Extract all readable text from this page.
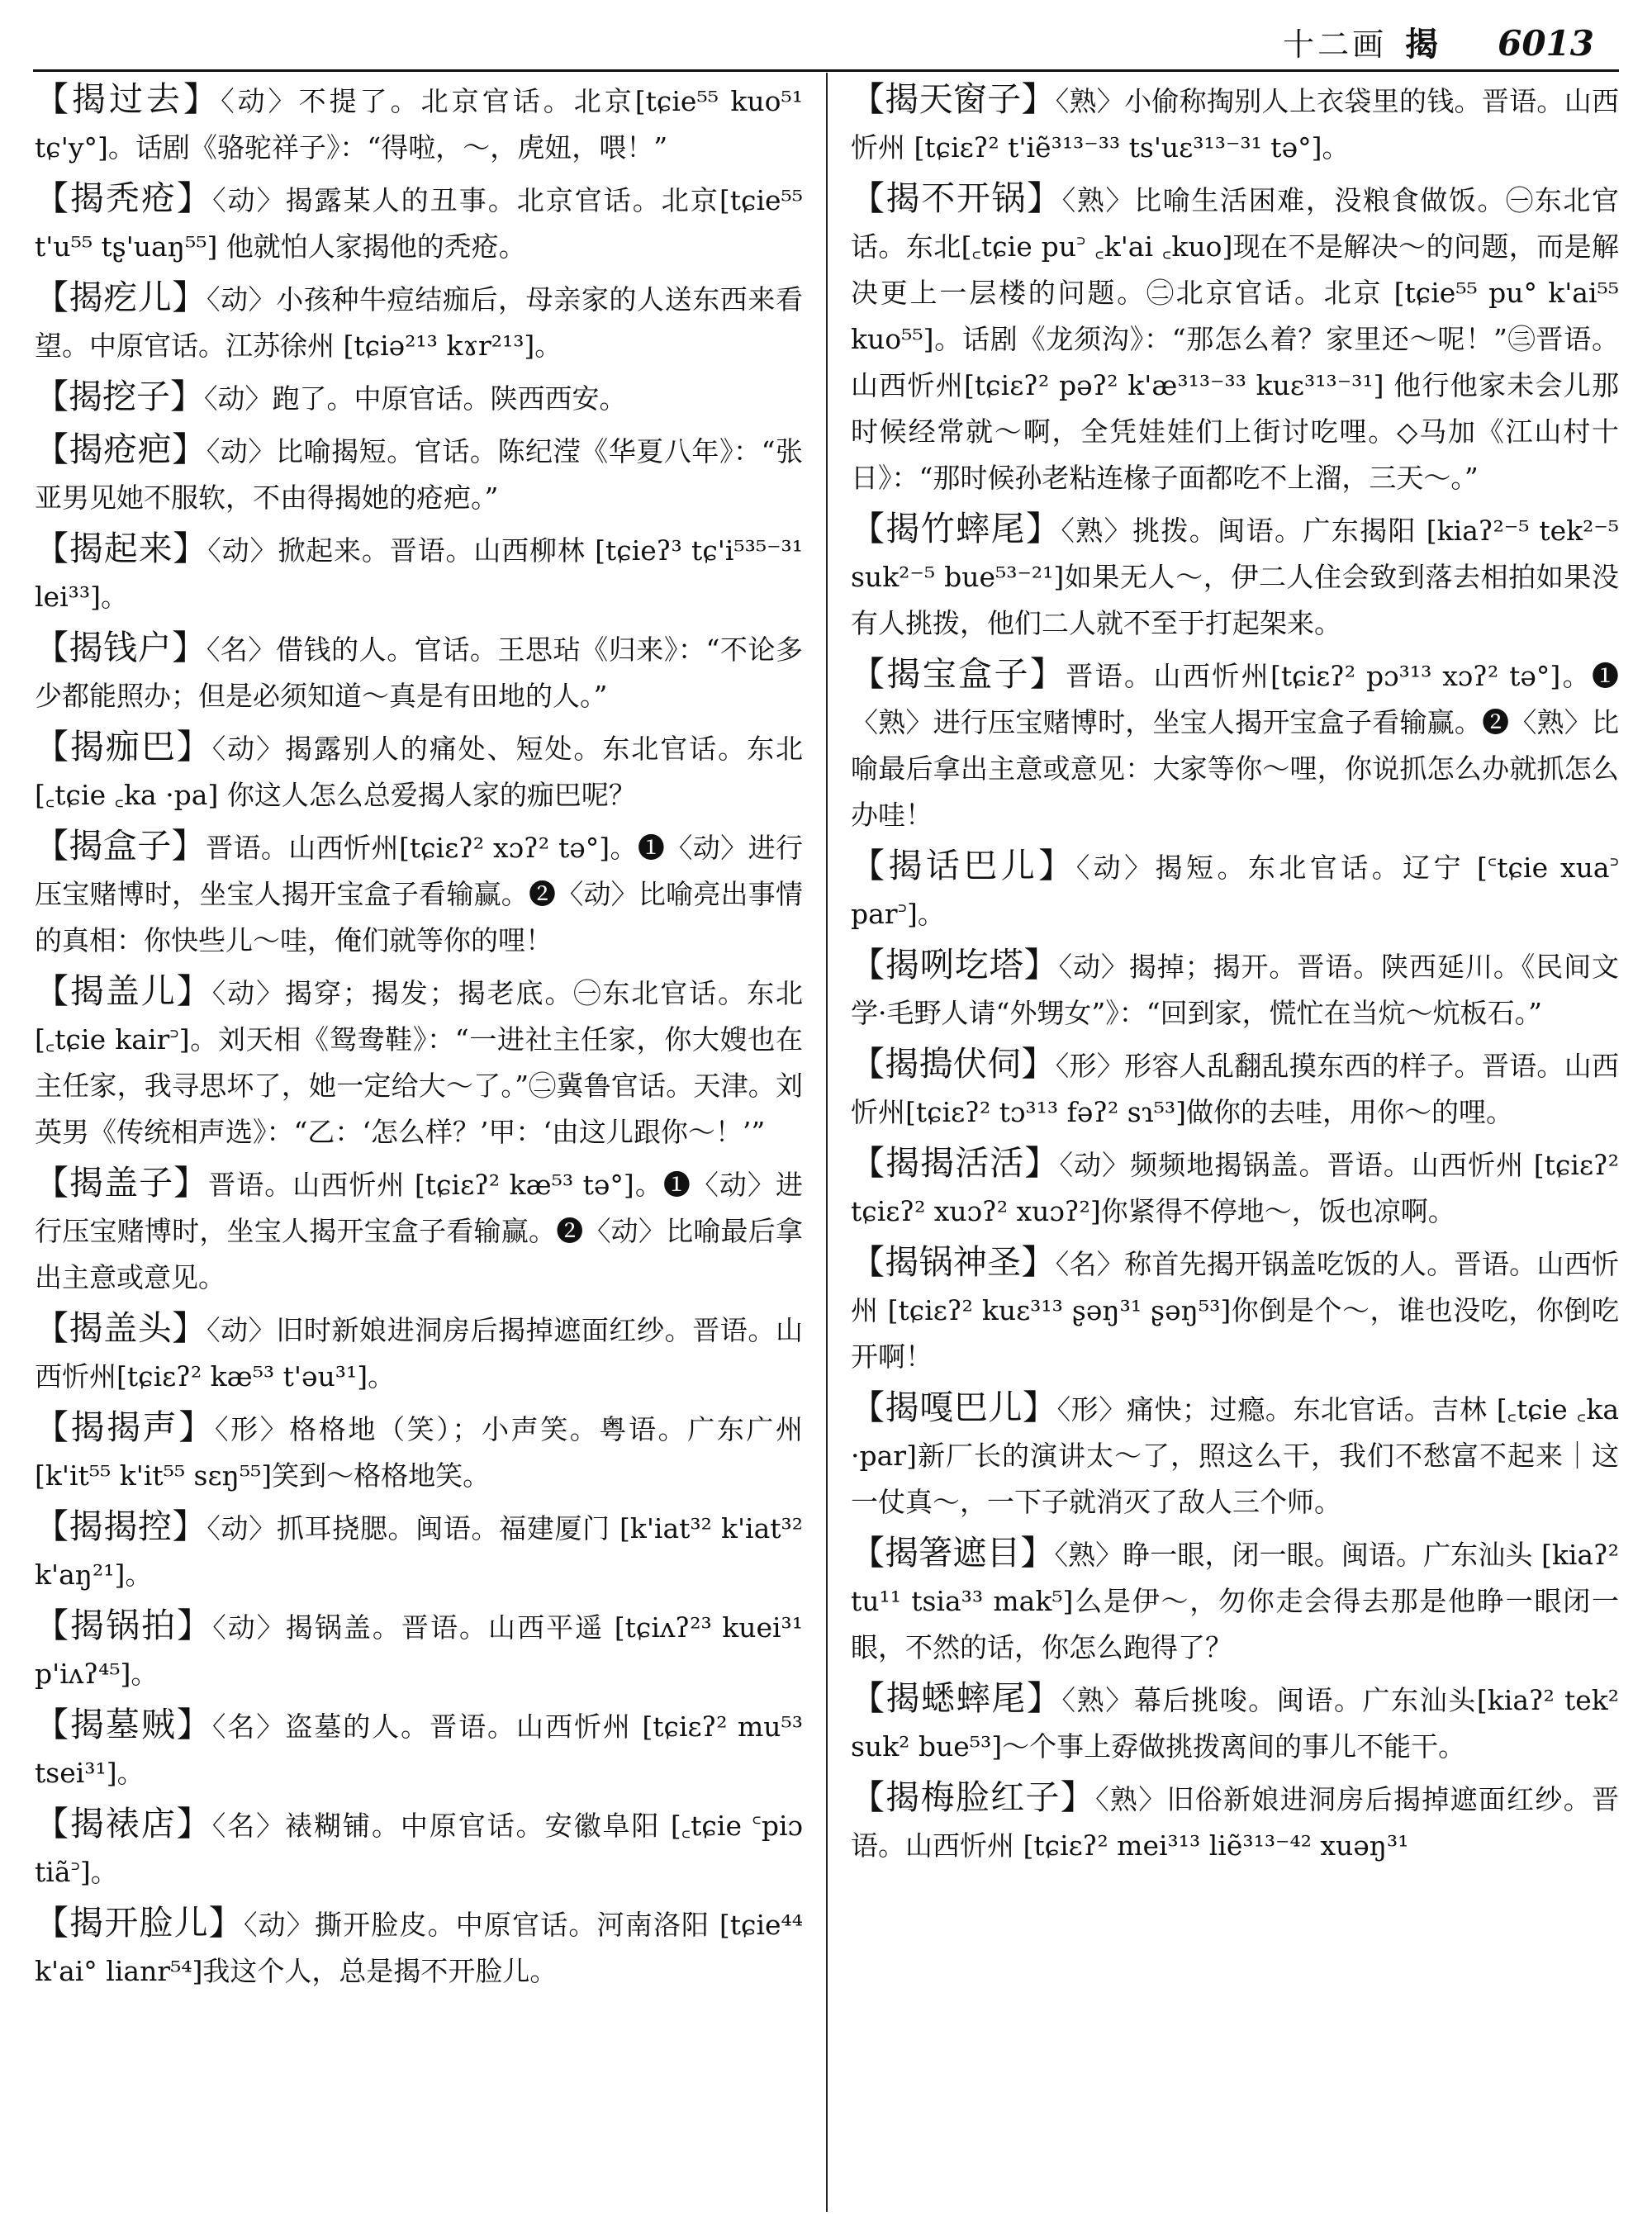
十二画 揭 6013
【揭过去】〈动〉不提了。北京官话。北京[tɕie⁵⁵ kuo⁵¹ tɕ'y°]。话剧《骆驼祥子》：“得啦，～，虎妞，喂！”
【揭秃疮】〈动〉揭露某人的丑事。北京官话。北京[tɕie⁵⁵ t'u⁵⁵ tʂ'uaŋ⁵⁵] 他就怕人家揭他的秃疮。
【揭疙儿】〈动〉小孩种牛痘结痂后，母亲家的人送东西来看望。中原官话。江苏徐州 [tɕiə²¹³ kɤr²¹³]。
【揭挖子】〈动〉跑了。中原官话。陕西西安。
【揭疮疤】〈动〉比喻揭短。官话。陈纪滢《华夏八年》：“张亚男见她不服软，不由得揭她的疮疤。”
【揭起来】〈动〉掀起来。晋语。山西柳林 [tɕieʔ³ tɕ'i⁵³⁵⁻³¹ lei³³]。
【揭钱户】〈名〉借钱的人。官话。王思玷《归来》：“不论多少都能照办；但是必须知道～真是有田地的人。”
【揭痂巴】〈动〉揭露别人的痛处、短处。东北官话。东北[꜀tɕie ꜀ka ·pa] 你这人怎么总爱揭人家的痂巴呢？
【揭盒子】晋语。山西忻州[tɕiɛʔ² xɔʔ² tə°]。❶〈动〉进行压宝赌博时，坐宝人揭开宝盒子看输赢。❷〈动〉比喻亮出事情的真相：你快些儿～哇，俺们就等你的哩！
【揭盖儿】〈动〉揭穿；揭发；揭老底。㊀东北官话。东北 [꜀tɕie kair꜄]。刘天相《鸳鸯鞋》：“一进社主任家，你大嫂也在主任家，我寻思坏了，她一定给大～了。”㊁冀鲁官话。天津。刘英男《传统相声选》：“乙：‘怎么样？’甲：‘由这儿跟你～！’”
【揭盖子】晋语。山西忻州 [tɕiɛʔ² kæ⁵³ tə°]。❶〈动〉进行压宝赌博时，坐宝人揭开宝盒子看输赢。❷〈动〉比喻最后拿出主意或意见。
【揭盖头】〈动〉旧时新娘进洞房后揭掉遮面红纱。晋语。山西忻州[tɕiɛʔ² kæ⁵³ t'əu³¹]。
【揭揭声】〈形〉格格地（笑）；小声笑。粤语。广东广州[k'it⁵⁵ k'it⁵⁵ sɛŋ⁵⁵]笑到～格格地笑。
【揭揭控】〈动〉抓耳挠腮。闽语。福建厦门 [k'iat³² k'iat³² k'aŋ²¹]。
【揭锅拍】〈动〉揭锅盖。晋语。山西平遥 [tɕiʌʔ²³ kuei³¹ p'iʌʔ⁴⁵]。
【揭墓贼】〈名〉盗墓的人。晋语。山西忻州 [tɕiɛʔ² mu⁵³ tsei³¹]。
【揭裱店】〈名〉裱糊铺。中原官话。安徽阜阳 [꜀tɕie ꜂piɔ tiã꜄]。
【揭开脸儿】〈动〉撕开脸皮。中原官话。河南洛阳 [tɕie⁴⁴ k'ai° lianr⁵⁴]我这个人，总是揭不开脸儿。
【揭天窗子】〈熟〉小偷称掏别人上衣袋里的钱。晋语。山西忻州 [tɕiɛʔ² t'iẽ³¹³⁻³³ ts'uɛ³¹³⁻³¹ tə°]。
【揭不开锅】〈熟〉比喻生活困难，没粮食做饭。㊀东北官话。东北[꜀tɕie pu꜄ ꜀k'ai ꜀kuo]现在不是解决～的问题，而是解决更上一层楼的问题。㊁北京官话。北京 [tɕie⁵⁵ pu° k'ai⁵⁵ kuo⁵⁵]。话剧《龙须沟》：“那怎么着？家里还～呢！”㊂晋语。山西忻州[tɕiɛʔ² pəʔ² k'æ³¹³⁻³³ kuɛ³¹³⁻³¹] 他行他家未会儿那时候经常就～啊，全凭娃娃们上街讨吃哩。◇马加《江山村十日》：“那时候孙老粘连椽子面都吃不上溜，三天～。”
【揭竹蟀尾】〈熟〉挑拨。闽语。广东揭阳 [kiaʔ²⁻⁵ tek²⁻⁵ suk²⁻⁵ bue⁵³⁻²¹]如果无人～，伊二人住会致到落去相拍如果没有人挑拨，他们二人就不至于打起架来。
【揭宝盒子】晋语。山西忻州[tɕiɛʔ² pɔ³¹³ xɔʔ² tə°]。❶〈熟〉进行压宝赌博时，坐宝人揭开宝盒子看输赢。❷〈熟〉比喻最后拿出主意或意见：大家等你～哩，你说抓怎么办就抓怎么办哇！
【揭话巴儿】〈动〉揭短。东北官话。辽宁 [꜂tɕie xua꜄ par꜄]。
【揭咧圪塔】〈动〉揭掉；揭开。晋语。陕西延川。《民间文学·毛野人请“外甥女”》：“回到家，慌忙在当炕～炕板石。”
【揭搗伏伺】〈形〉形容人乱翻乱摸东西的样子。晋语。山西忻州[tɕiɛʔ² tɔ³¹³ fəʔ² sɿ⁵³]做你的去哇，用你～的哩。
【揭揭活活】〈动〉频频地揭锅盖。晋语。山西忻州 [tɕiɛʔ² tɕiɛʔ² xuɔʔ² xuɔʔ²]你紧得不停地～，饭也凉啊。
【揭锅神圣】〈名〉称首先揭开锅盖吃饭的人。晋语。山西忻州 [tɕiɛʔ² kuɛ³¹³ ʂəŋ³¹ ʂəŋ⁵³]你倒是个～，谁也没吃，你倒吃开啊！
【揭嘎巴儿】〈形〉痛快；过瘾。东北官话。吉林 [꜀tɕie ꜀ka ·par]新厂长的演讲太～了，照这么干，我们不愁富不起来｜这一仗真～，一下子就消灭了敌人三个师。
【揭箸遮目】〈熟〉睁一眼，闭一眼。闽语。广东汕头 [kiaʔ² tu¹¹ tsia³³ mak⁵]么是伊～，勿你走会得去那是他睁一眼闭一眼，不然的话，你怎么跑得了？
【揭蟋蟀尾】〈熟〉幕后挑唆。闽语。广东汕头[kiaʔ² tek² suk² bue⁵³]～个事上孬做挑拨离间的事儿不能干。
【揭梅脸红子】〈熟〉旧俗新娘进洞房后揭掉遮面红纱。晋语。山西忻州 [tɕiɛʔ² mei³¹³ liẽ³¹³⁻⁴² xuəŋ³¹
